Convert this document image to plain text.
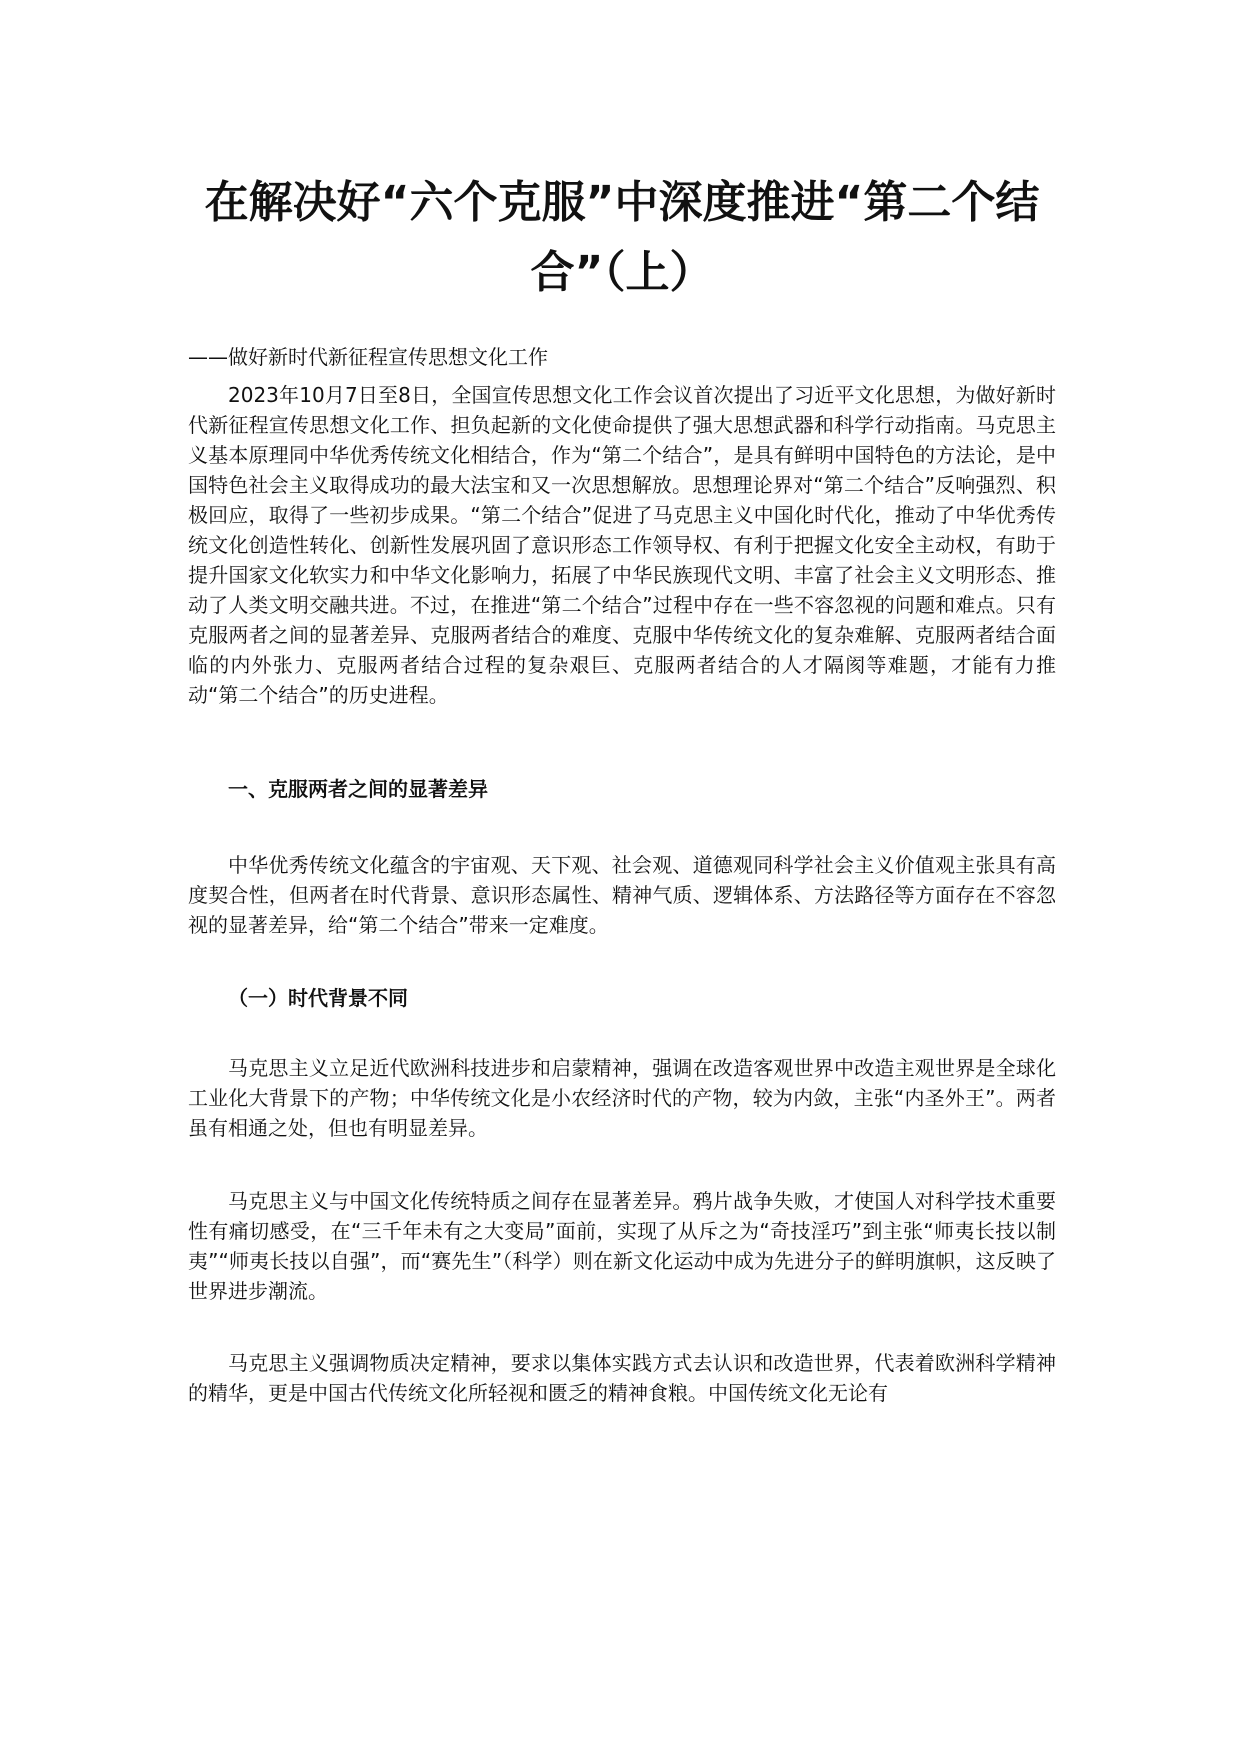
在解决好“六个克服”中深度推进“第二个结合”（上）

——做好新时代新征程宣传思想文化工作

2023年10月7日至8日，全国宣传思想文化工作会议首次提出了习近平文化思想，为做好新时代新征程宣传思想文化工作、担负起新的文化使命提供了强大思想武器和科学行动指南。马克思主义基本原理同中华优秀传统文化相结合，作为“第二个结合”，是具有鲜明中国特色的方法论，是中国特色社会主义取得成功的最大法宝和又一次思想解放。思想理论界对“第二个结合”反响强烈、积极回应，取得了一些初步成果。“第二个结合”促进了马克思主义中国化时代化，推动了中华优秀传统文化创造性转化、创新性发展巩固了意识形态工作领导权、有利于把握文化安全主动权，有助于提升国家文化软实力和中华文化影响力，拓展了中华民族现代文明、丰富了社会主义文明形态、推动了人类文明交融共进。不过，在推进“第二个结合”过程中存在一些不容忽视的问题和难点。只有克服两者之间的显著差异、克服两者结合的难度、克服中华传统文化的复杂难解、克服两者结合面临的内外张力、克服两者结合过程的复杂艰巨、克服两者结合的人才隔阂等难题，才能有力推动“第二个结合”的历史进程。

一、克服两者之间的显著差异

中华优秀传统文化蕴含的宇宙观、天下观、社会观、道德观同科学社会主义价值观主张具有高度契合性，但两者在时代背景、意识形态属性、精神气质、逻辑体系、方法路径等方面存在不容忽视的显著差异，给“第二个结合”带来一定难度。

（一）时代背景不同

马克思主义立足近代欧洲科技进步和启蒙精神，强调在改造客观世界中改造主观世界是全球化工业化大背景下的产物；中华传统文化是小农经济时代的产物，较为内敛，主张“内圣外王”。两者虽有相通之处，但也有明显差异。

马克思主义与中国文化传统特质之间存在显著差异。鸦片战争失败，才使国人对科学技术重要性有痛切感受，在“三千年未有之大变局”面前，实现了从斥之为“奇技淫巧”到主张“师夷长技以制夷”“师夷长技以自强”，而“赛先生”（科学）则在新文化运动中成为先进分子的鲜明旗帜，这反映了世界进步潮流。

马克思主义强调物质决定精神，要求以集体实践方式去认识和改造世界，代表着欧洲科学精神的精华，更是中国古代传统文化所轻视和匮乏的精神食粮。中国传统文化无论有
